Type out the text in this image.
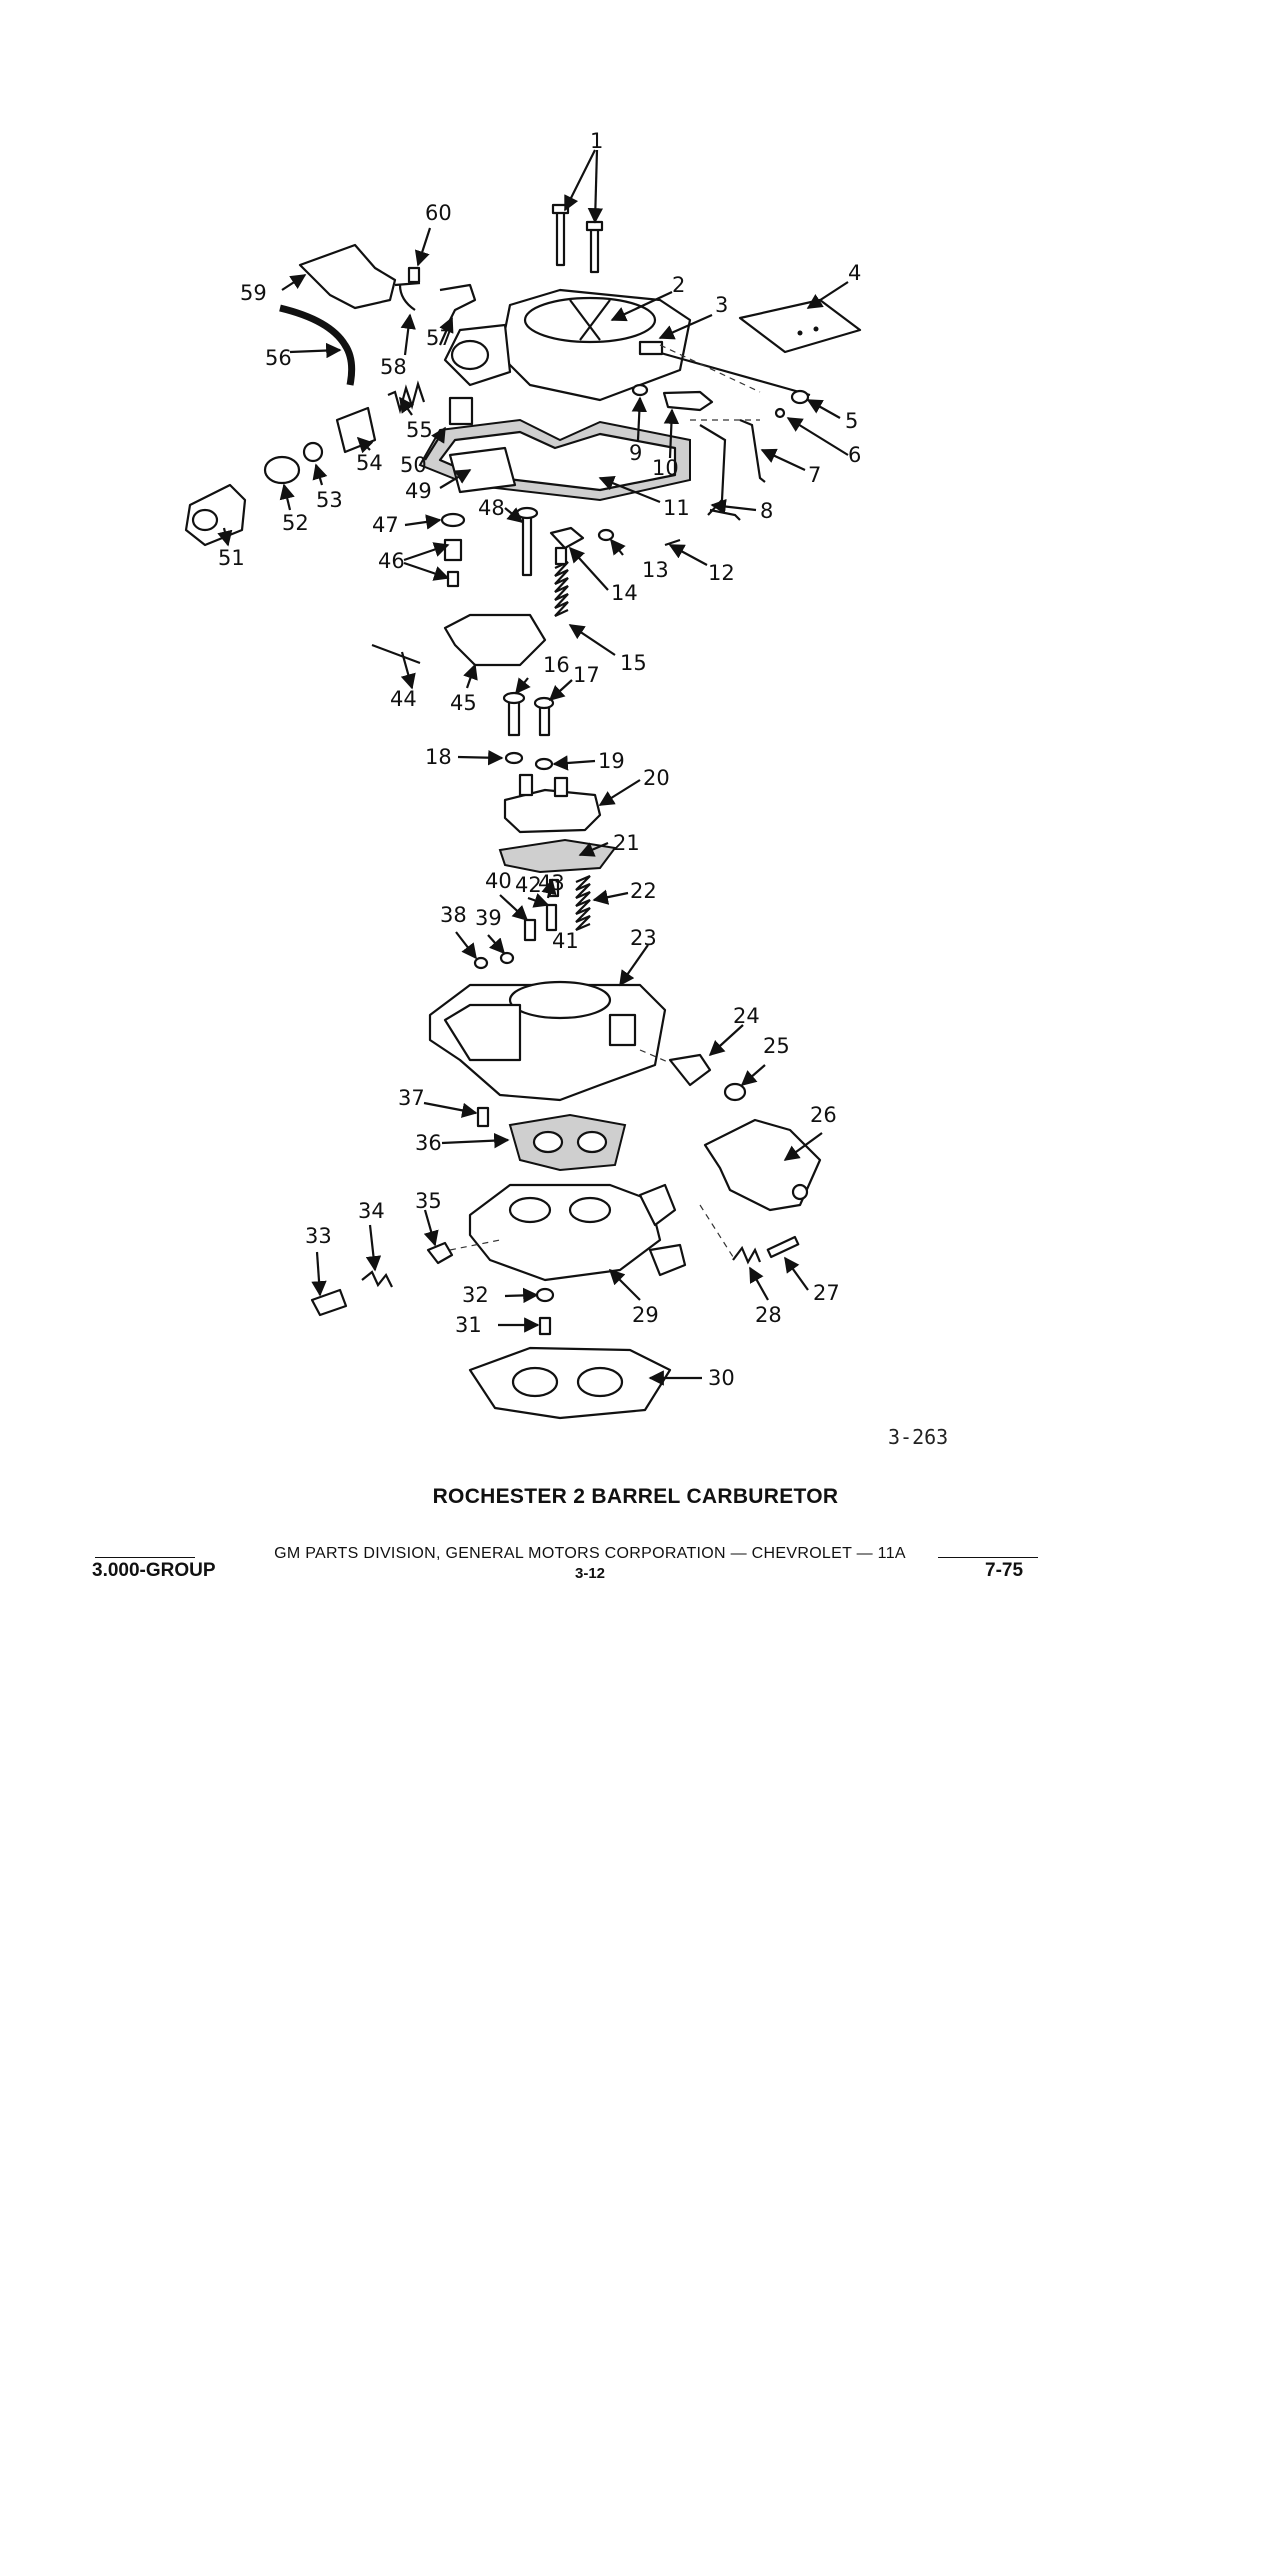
1
2
3
4
5
6
7
8
9
10
11
12
13
14
15
16 17
18	19
20
21
22
23
24
25
26
27
28
29
30
31
32
33
34 35
36
37
38 39
40
41
42
43
44 45
46
47
48
49
50
51
52
53
54
55
56
57
58
59
60
3-263
ROCHESTER 2 BARREL CARBURETOR
GM PARTS DIVISION, GENERAL MOTORS CORPORATION — CHEVROLET — 11A
3.000-GROUP	3-12	7-75
